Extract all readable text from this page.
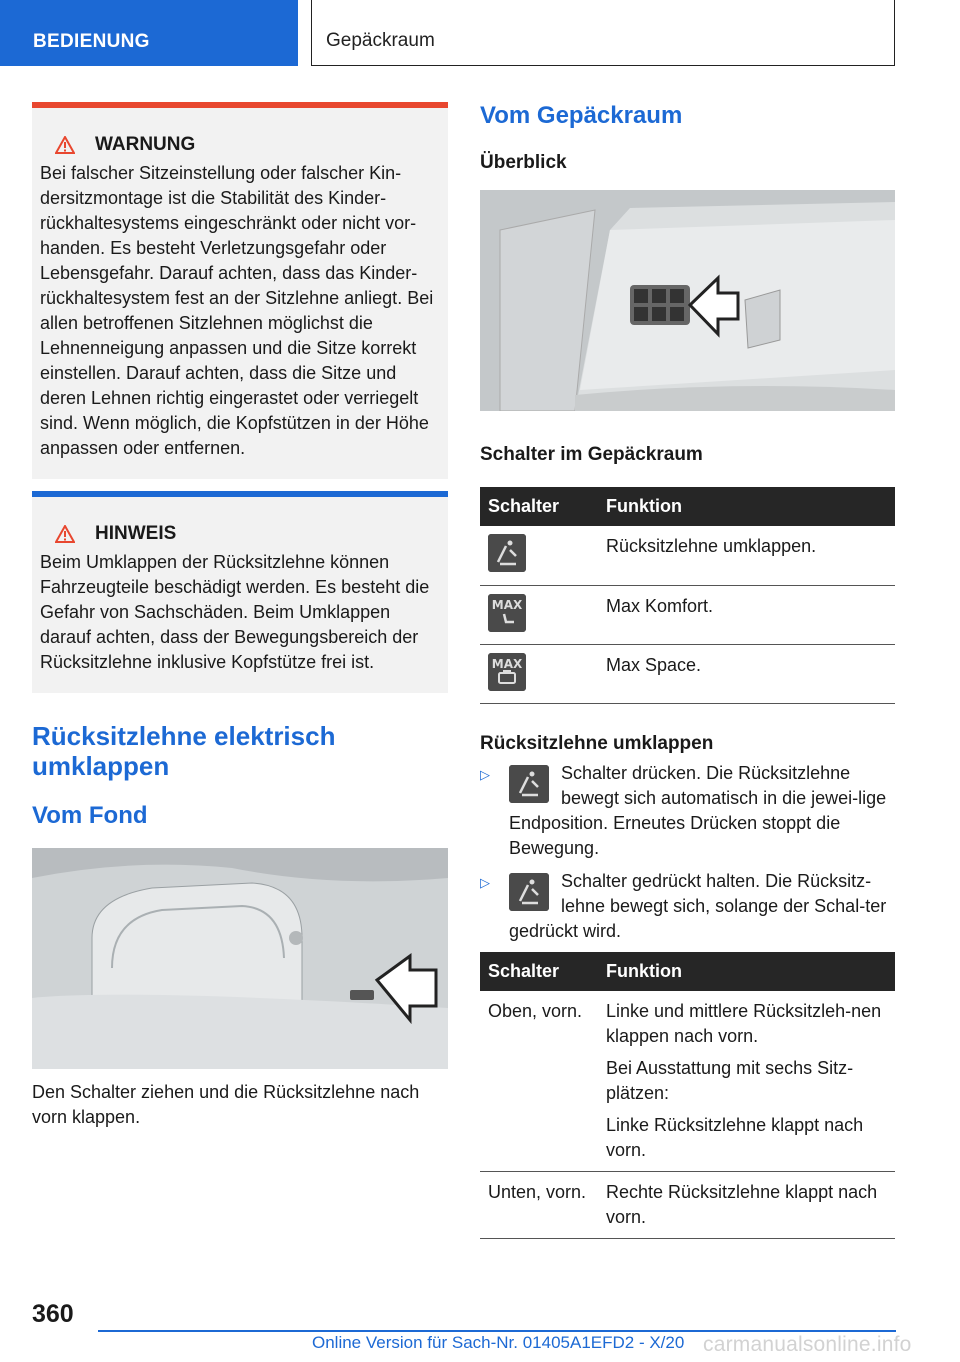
BEDIENUNG	Gepäckraum
WARNUNG

Bei falscher Sitzeinstellung oder falscher Kin-dersitzmontage ist die Stabilität des Kinder-rückhaltesystems eingeschränkt oder nicht vor-handen. Es besteht Verletzungsgefahr oder Lebensgefahr. Darauf achten, dass das Kinder-rückhaltesystem fest an der Sitzlehne anliegt. Bei allen betroffenen Sitzlehnen möglichst die Lehnenneigung anpassen und die Sitze korrekt einstellen. Darauf achten, dass die Sitze und deren Lehnen richtig eingerastet oder verriegelt sind. Wenn möglich, die Kopfstützen in der Höhe anpassen oder entfernen.

HINWEIS

Beim Umklappen der Rücksitzlehne können Fahrzeugteile beschädigt werden. Es besteht die Gefahr von Sachschäden. Beim Umklappen darauf achten, dass der Bewegungsbereich der Rücksitzlehne inklusive Kopfstütze frei ist.

Rücksitzlehne elektrisch umklappen
Vom Fond

Den Schalter ziehen und die Rücksitzlehne nach vorn klappen.

Vom Gepäckraum
Überblick
Schalter im Gepäckraum
Schalter	Funktion

	Rücksitzlehne umklappen.

MAX	Max Komfort.

MAX	Max Space.
Rücksitzlehne umklappen
▷	Schalter drücken. Die Rücksitzlehne bewegt sich automatisch in die jewei-lige Endposition. Erneutes Drücken stoppt die Bewegung.
▷	Schalter gedrückt halten. Die Rücksitz-lehne bewegt sich, solange der Schal-ter gedrückt wird.
Schalter	Funktion
Oben, vorn.	Linke und mittlere Rücksitzleh-nen klappen nach vorn.

Bei Ausstattung mit sechs Sitz-plätzen:

Linke Rücksitzlehne klappt nach vorn.

Unten, vorn.	Rechte Rücksitzlehne klappt nach vorn.
360
Online Version für Sach-Nr. 01405A1EFD2 - X/20 carmanualsonline.info
